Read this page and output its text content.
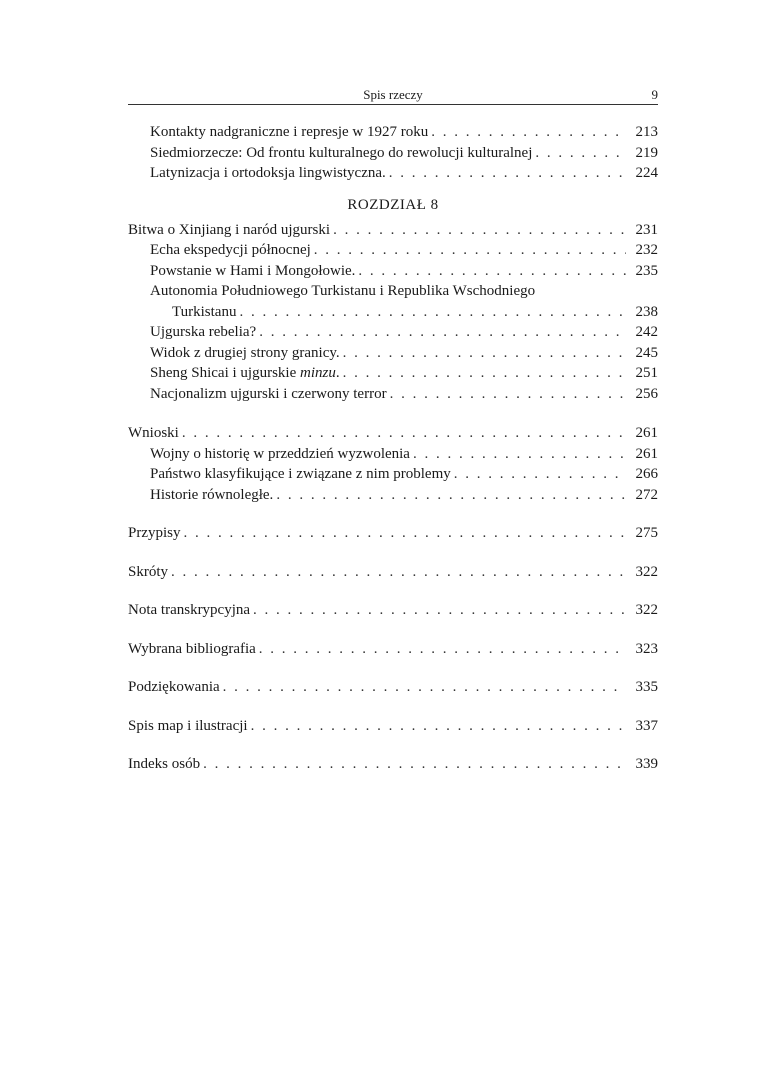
Spis rzeczy	9
Kontakty nadgraniczne i represje w 1927 roku . . .	213
Siedmiorzecze: Od frontu kulturalnego do rewolucji kulturalnej . . .	219
Latynizacja i ortodoksja lingwistyczna. . . .	224
ROZDZIAŁ 8
Bitwa o Xinjiang i naród ujgurski . . .	231
Echa ekspedycji północnej . . .	232
Powstanie w Hami i Mongołowie. . . .	235
Autonomia Południowego Turkistanu i Republika Wschodniego
Turkistanu . . .	238
Ujgurska rebelia? . . .	242
Widok z drugiej strony granicy. . . .	245
Sheng Shicai i ujgurskie minzu. . . .	251
Nacjonalizm ujgurski i czerwony terror . . .	256
Wnioski . . .	261
Wojny o historię w przeddzień wyzwolenia . . .	261
Państwo klasyfikujące i związane z nim problemy . . .	266
Historie równoległe. . . .	272
Przypisy . . .	275
Skróty . . .	322
Nota transkrypcyjna . . .	322
Wybrana bibliografia . . .	323
Podziękowania . . .	335
Spis map i ilustracji . . .	337
Indeks osób . . .	339
